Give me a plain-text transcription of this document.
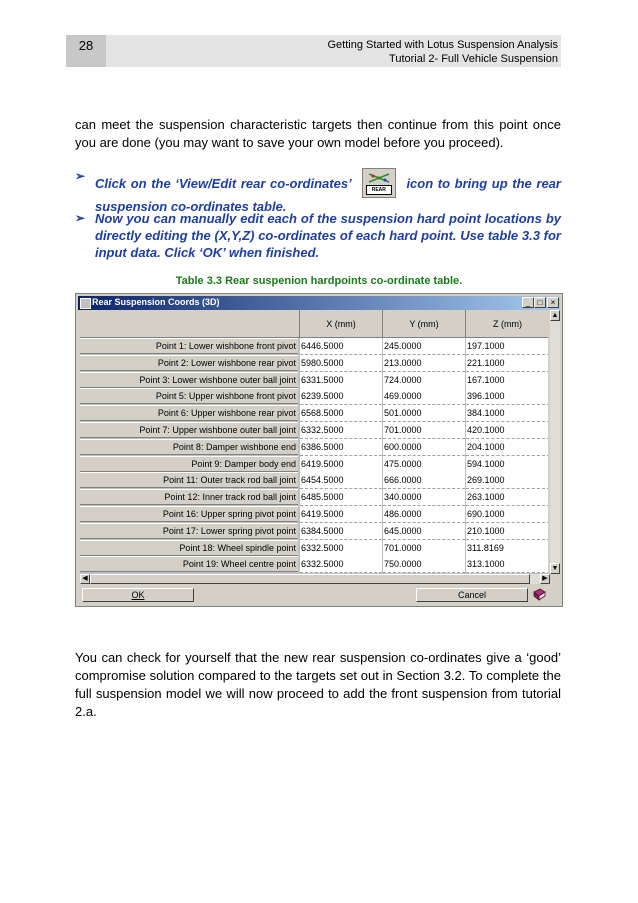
28	Getting Started with Lotus Suspension Analysis
Tutorial 2- Full Vehicle Suspension
can meet the suspension characteristic targets then continue from this point once you are done (you may want to save your own model before you proceed).
➢ Click on the ‘View/Edit rear co-ordinates’	REAR	icon to bring up the rear suspension co-ordinates table.
➢ Now you can manually edit each of the suspension hard point locations by directly editing the (X,Y,Z) co-ordinates of each hard point. Use table 3.3 for input data. Click ‘OK’ when finished.
Table 3.3 Rear suspenion hardpoints co-ordinate table.
Rear Suspension Coords (3D)	_ □	×
X (mm)	Y (mm)	Z (mm)
Point 1: Lower wishbone front pivot 6446.5000	245.0000	197.1000
Point 2: Lower wishbone rear pivot 5980.5000	213.0000	221.1000
Point 3: Lower wishbone outer ball joint 6331.5000	724.0000	167.1000
Point 5: Upper wishbone front pivot 6239.5000	469.0000	396.1000
Point 6: Upper wishbone rear pivot 6568.5000	501.0000	384.1000
Point 7: Upper wishbone outer ball joint 6332.5000	701.0000	420.1000
Point 8: Damper wishbone end 6386.5000	600.0000	204.1000
Point 9: Damper body end 6419.5000	475.0000	594.1000
Point 11: Outer track rod ball joint 6454.5000	666.0000	269.1000
Point 12: Inner track rod ball joint 6485.5000	340.0000	263.1000
Point 16: Upper spring pivot point 6419.5000	486.0000	690.1000
Point 17: Lower spring pivot point 6384.5000	645.0000	210.1000
Point 18: Wheel spindle point 6332.5000	701.0000	311.8169
Point 19: Wheel centre point 6332.5000	750.0000	313.1000
▲
▼
◀	▶
OK	Cancel
You can check for yourself that the new rear suspension co-ordinates give a ‘good’ compromise solution compared to the targets set out in Section 3.2. To complete the full suspension model we will now proceed to add the front suspension from tutorial 2.a.
